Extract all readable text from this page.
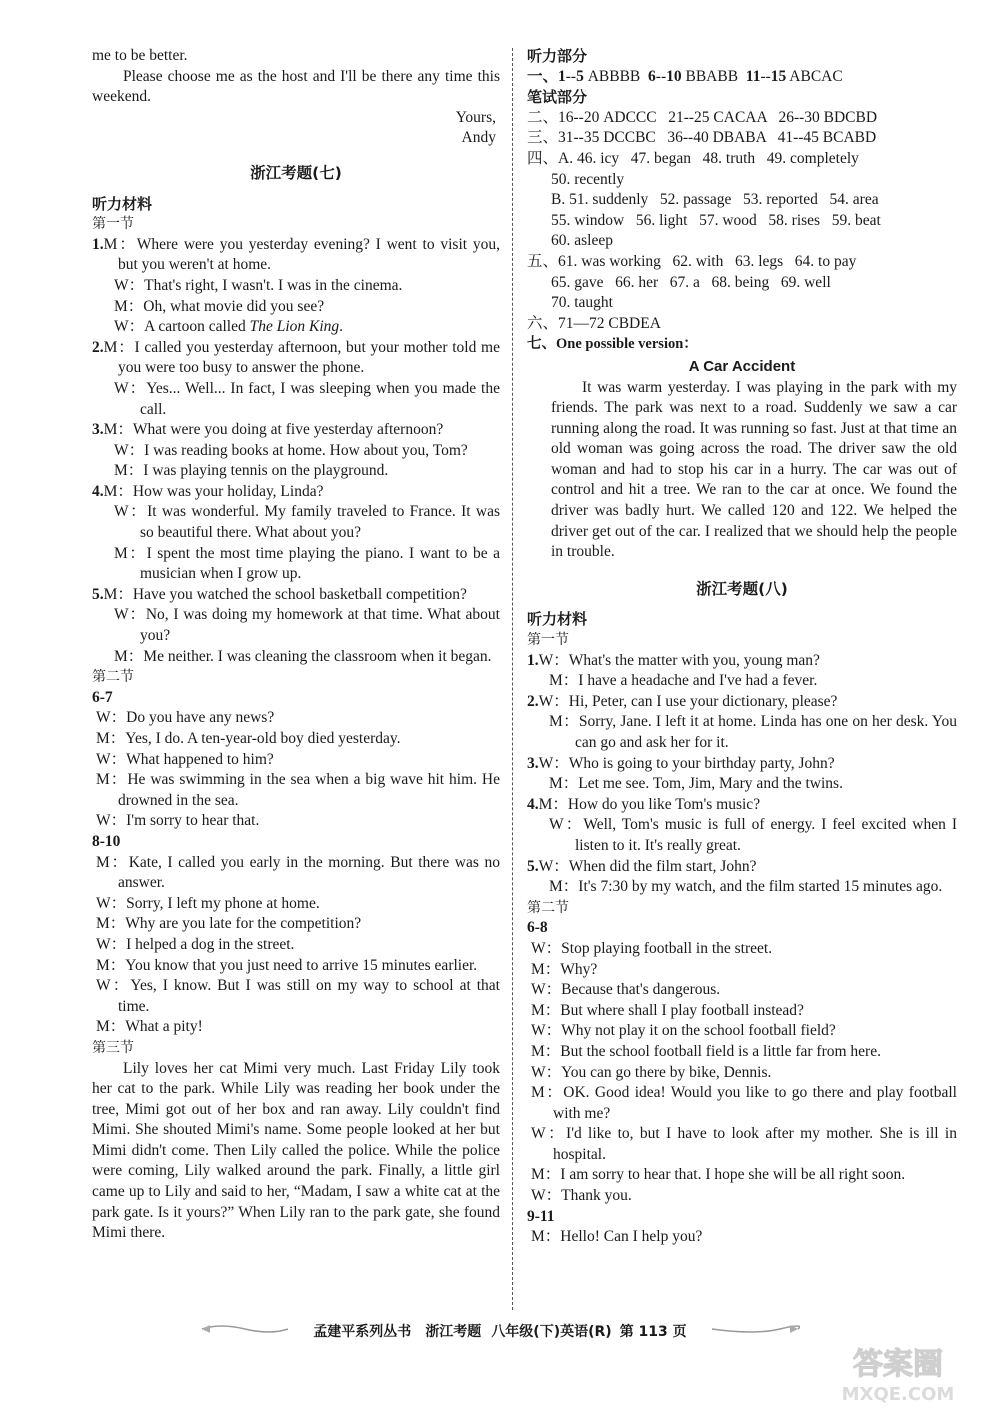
me to be better.
Please choose me as the host and I'll be there any time this weekend.
Yours,
Andy
浙江考题(七)
听力材料
第一节
1.M：Where were you yesterday evening? I went to visit you, but you weren't at home.
W：That's right, I wasn't. I was in the cinema.
M：Oh, what movie did you see?
W：A cartoon called The Lion King.
2.M：I called you yesterday afternoon, but your mother told me you were too busy to answer the phone.
W：Yes... Well... In fact, I was sleeping when you made the call.
3.M：What were you doing at five yesterday afternoon?
W：I was reading books at home. How about you, Tom?
M：I was playing tennis on the playground.
4.M：How was your holiday, Linda?
W：It was wonderful. My family traveled to France. It was so beautiful there. What about you?
M：I spent the most time playing the piano. I want to be a musician when I grow up.
5.M：Have you watched the school basketball competition?
W：No, I was doing my homework at that time. What about you?
M：Me neither. I was cleaning the classroom when it began.
第二节
6-7
W：Do you have any news?
M：Yes, I do. A ten-year-old boy died yesterday.
W：What happened to him?
M：He was swimming in the sea when a big wave hit him. He drowned in the sea.
W：I'm sorry to hear that.
8-10
M：Kate, I called you early in the morning. But there was no answer.
W：Sorry, I left my phone at home.
M：Why are you late for the competition?
W：I helped a dog in the street.
M：You know that you just need to arrive 15 minutes earlier.
W：Yes, I know. But I was still on my way to school at that time.
M：What a pity!
第三节
Lily loves her cat Mimi very much. Last Friday Lily took her cat to the park. While Lily was reading her book under the tree, Mimi got out of her box and ran away. Lily couldn't find Mimi. She shouted Mimi's name. Some people looked at her but Mimi didn't come. Then Lily called the police. While the police were coming, Lily walked around the park. Finally, a little girl came up to Lily and said to her, “Madam, I saw a white cat at the park gate. Is it yours?” When Lily ran to the park gate, she found Mimi there.
听力部分
一、1--5 ABBBB  6--10 BBABB  11--15 ABCAC
笔试部分
二、16--20 ADCCC   21--25 CACAA   26--30 BDCBD
三、31--35 DCCBC   36--40 DBABA   41--45 BCABD
四、A. 46. icy   47. began   48. truth   49. completely
50. recently
B. 51. suddenly   52. passage   53. reported   54. area
55. window   56. light   57. wood   58. rises   59. beat
60. asleep
五、61. was working   62. with   63. legs   64. to pay
65. gave   66. her   67. a   68. being   69. well
70. taught
六、71—72 CBDEA
七、One possible version：
A Car Accident
It was warm yesterday. I was playing in the park with my friends. The park was next to a road. Suddenly we saw a car running along the road. It was running so fast. Just at that time an old woman was going across the road. The driver saw the old woman and had to stop his car in a hurry. The car was out of control and hit a tree. We ran to the car at once. We found the driver was badly hurt. We called 120 and 122. We helped the driver get out of the car. I realized that we should help the people in trouble.
浙江考题(八)
听力材料
第一节
1.W：What's the matter with you, young man?
M：I have a headache and I've had a fever.
2.W：Hi, Peter, can I use your dictionary, please?
M：Sorry, Jane. I left it at home. Linda has one on her desk. You can go and ask her for it.
3.W：Who is going to your birthday party, John?
M：Let me see. Tom, Jim, Mary and the twins.
4.M：How do you like Tom's music?
W：Well, Tom's music is full of energy. I feel excited when I listen to it. It's really great.
5.W：When did the film start, John?
M：It's 7:30 by my watch, and the film started 15 minutes ago.
第二节
6-8
W：Stop playing football in the street.
M：Why?
W：Because that's dangerous.
M：But where shall I play football instead?
W：Why not play it on the school football field?
M：But the school football field is a little far from here.
W：You can go there by bike, Dennis.
M：OK. Good idea! Would you like to go there and play football with me?
W：I'd like to, but I have to look after my mother. She is ill in hospital.
M：I am sorry to hear that. I hope she will be all right soon.
W：Thank you.
9-11
M：Hello! Can I help you?
孟建平系列丛书 浙江考题 八年级(下)英语(R) 第 113 页
答案圈
MXQE.COM
